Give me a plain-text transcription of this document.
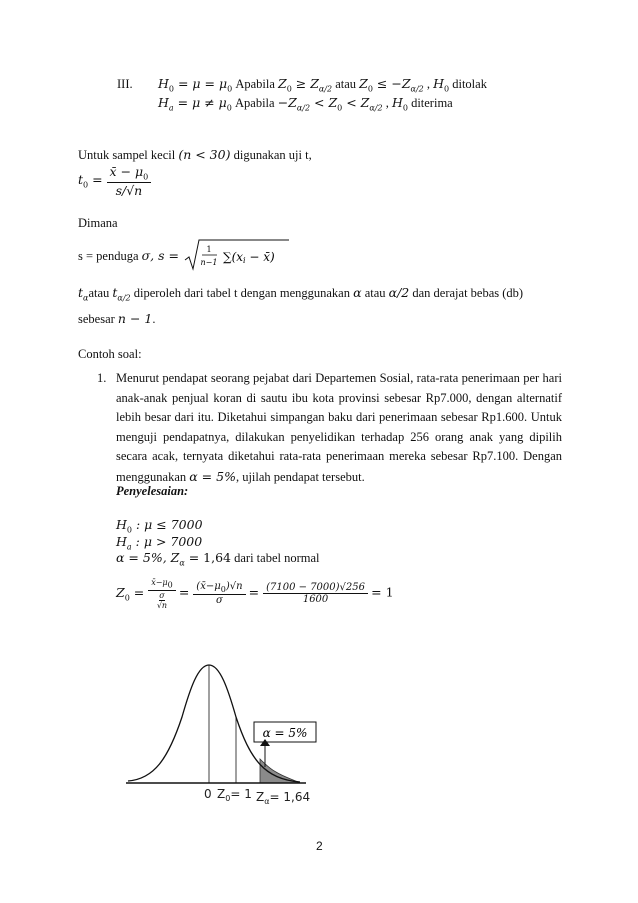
III. $H_0 = \mu = \mu_0$ Apabila $Z_0 \ge Z_{\alpha/2}$ atau $Z_0 \le -Z_{\alpha/2}$ , $H_0$ ditolak
$H_a = \mu \ne \mu_0$ Apabila $-Z_{\alpha/2} < Z_0 < Z_{\alpha/2}$ , $H_0$ diterima
Untuk sampel kecil (n < 30) digunakan uji t,
$t_0 = \frac{x̄ - \mu_0}{s/√n}$
Dimana
s = penduga σ, s =	1
n−1 ∑(xi − x̄)
$t_\alpha atau$ $t_{\alpha/2}$ diperoleh dari tabel t dengan menggunakan α atau α/2 dan derajat bebas (db)
sebesar n − 1.
Contoh soal:
1. Menurut pendapat seorang pejabat dari Departemen Sosial, rata-rata penerimaan per hari anak-anak penjual koran di sautu ibu kota provinsi sebesar Rp7.000, dengan alternatif lebih besar dari itu. Diketahui simpangan baku dari penerimaan sebesar Rp1.600. Untuk menguji pendapatnya, dilakukan penyelidikan terhadap 256 orang anak yang dipilih secara acak, ternyata diketahui rata-rata penerimaan mereka sebesar Rp7.100. Dengan menggunakan α = 5%, ujilah pendapat tersebut.
Penyelesaian:
$H_0$ : μ ≤ 7000
$H_a$ : μ > 7000
α = 5%, $Z_\alpha = 1,64$ dari tabel normal
$Z_0$ =
$x̄-\mu_0$
σ
√n
= $\frac{(x̄-\mu_0)√n}{\sigma} = \frac{(7100 - 7000)√256}{1600} = 1$
α = 5%
0 $Z_0= 1$ $Z_\alpha= 1,64$
2
